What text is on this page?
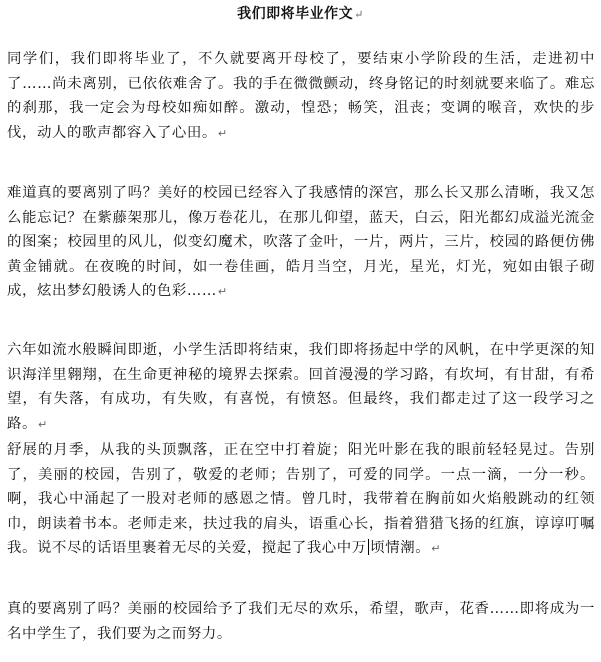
我们即将毕业作文↵

同学们，我们即将毕业了，不久就要离开母校了，要结束小学阶段的生活，走进初中了……尚未离别，已依依难舍了。我的手在微微颤动，终身铭记的时刻就要来临了。难忘的刹那，我一定会为母校如痴如醉。激动，惶恐；畅笑，沮丧；变调的喉音，欢快的步伐，动人的歌声都容入了心田。↵

难道真的要离别了吗？美好的校园已经容入了我感情的深宫，那么长又那么清晰，我又怎么能忘记？在紫藤架那儿，像万卷花儿，在那儿仰望，蓝天，白云，阳光都幻成溢光流金的图案；校园里的风儿，似变幻魔术，吹落了金叶，一片，两片，三片，校园的路便仿佛黄金铺就。在夜晚的时间，如一卷佳画，皓月当空，月光，星光，灯光，宛如由银子砌成，炫出梦幻般诱人的色彩……↵

六年如流水般瞬间即逝，小学生活即将结束，我们即将扬起中学的风帆，在中学更深的知识海洋里翱翔，在生命更神秘的境界去探索。回首漫漫的学习路，有坎坷，有甘甜，有希望，有失落，有成功，有失败，有喜悦，有愤怒。但最终，我们都走过了这一段学习之路。↵

舒展的月季，从我的头顶飘落，正在空中打着旋；阳光叶影在我的眼前轻轻晃过。告别了，美丽的校园，告别了，敬爱的老师；告别了，可爱的同学。一点一滴，一分一秒。啊，我心中涌起了一股对老师的感恩之情。曾几时，我带着在胸前如火焰般跳动的红领巾，朗读着书本。老师走来，扶过我的肩头，语重心长，指着猎猎飞扬的红旗，谆谆叮嘱我。说不尽的话语里裹着无尽的关爱，搅起了我心中万 顷情潮。↵

真的要离别了吗？美丽的校园给予了我们无尽的欢乐，希望，歌声，花香……即将成为一名中学生了，我们要为之而努力。
